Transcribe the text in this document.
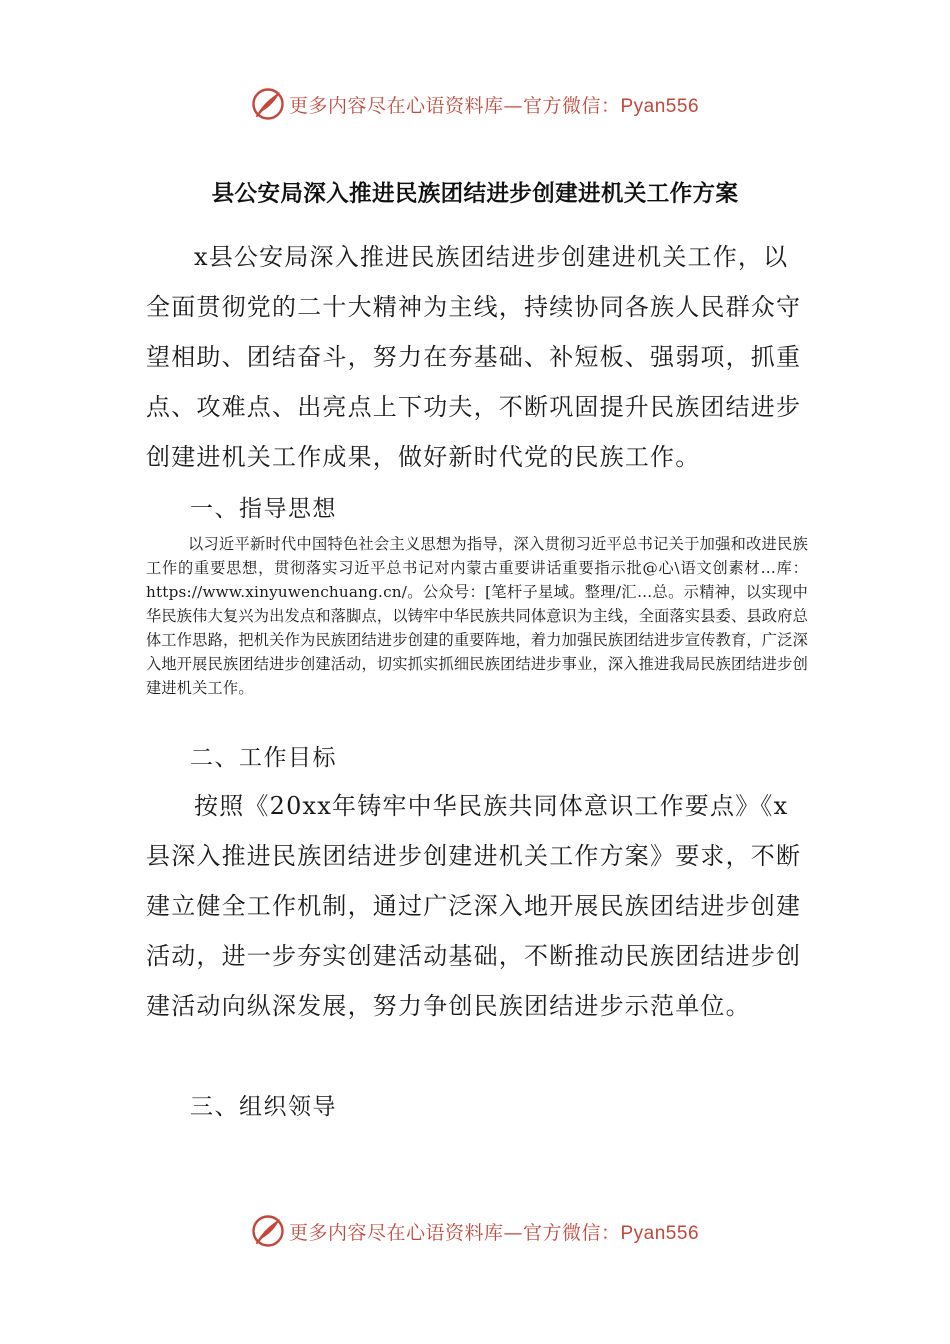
更多内容尽在心语资料库—官方微信：Pyan556
县公安局深入推进民族团结进步创建进机关工作方案

x县公安局深入推进民族团结进步创建进机关工作，以全面贯彻党的二十大精神为主线，持续协同各族人民群众守望相助、团结奋斗，努力在夯基础、补短板、强弱项，抓重点、攻难点、出亮点上下功夫，不断巩固提升民族团结进步创建进机关工作成果，做好新时代党的民族工作。

一、指导思想

以习近平新时代中国特色社会主义思想为指导，深入贯彻习近平总书记关于加强和改进民族工作的重要思想，贯彻落实习近平总书记对内蒙古重要讲话重要指示批@心\语文创素材…库：https://www.xinyuwenchuang.cn/。公众号：[笔杆子星域。整理/汇…总。示精神，以实现中华民族伟大复兴为出发点和落脚点，以铸牢中华民族共同体意识为主线，全面落实县委、县政府总体工作思路，把机关作为民族团结进步创建的重要阵地，着力加强民族团结进步宣传教育，广泛深入地开展民族团结进步创建活动，切实抓实抓细民族团结进步事业，深入推进我局民族团结进步创建进机关工作。

二、工作目标

按照《20xx年铸牢中华民族共同体意识工作要点》《x县深入推进民族团结进步创建进机关工作方案》要求，不断建立健全工作机制，通过广泛深入地开展民族团结进步创建活动，进一步夯实创建活动基础，不断推动民族团结进步创建活动向纵深发展，努力争创民族团结进步示范单位。

三、组织领导

更多内容尽在心语资料库—官方微信：Pyan556
